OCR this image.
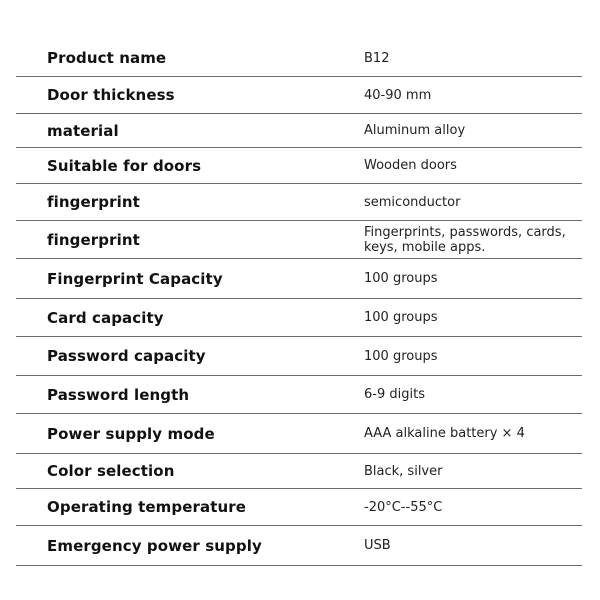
Product name	B12
Door thickness	40-90 mm
material	Aluminum alloy
Suitable for doors	Wooden doors
fingerprint	semiconductor
fingerprint	Fingerprints, passwords, cards, keys, mobile apps.
Fingerprint Capacity	100 groups
Card capacity	100 groups
Password capacity	100 groups
Password length	6-9 digits
Power supply mode	AAA alkaline battery × 4
Color selection	Black, silver
Operating temperature	-20°C--55°C
Emergency power supply	USB
